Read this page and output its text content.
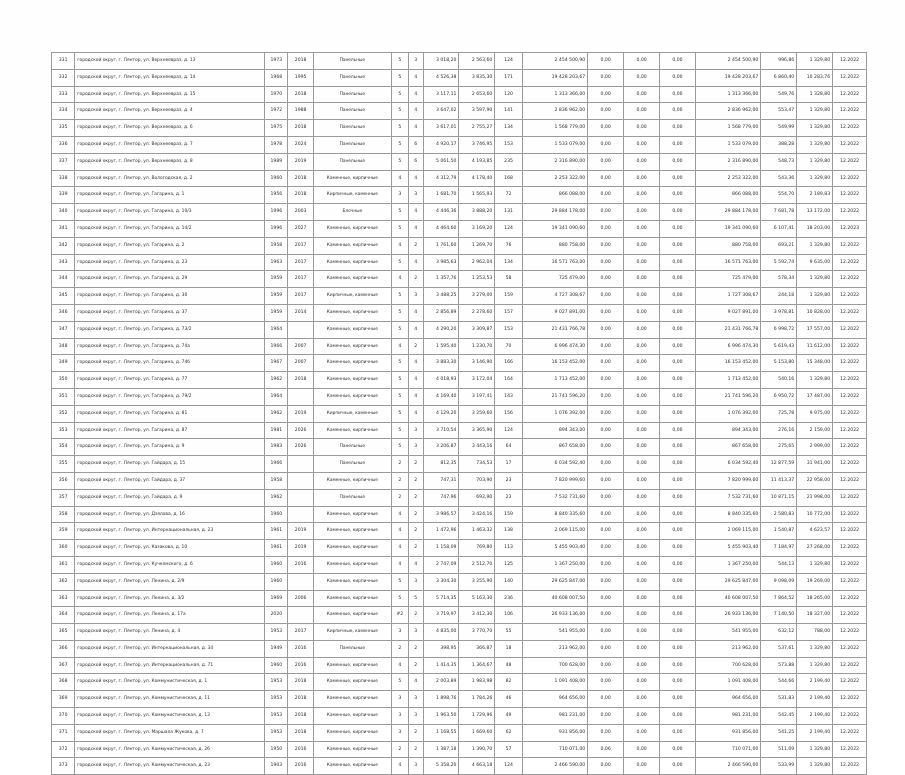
331	городской округ, г. Лянтор, ул. Верхнеевраз, д. 13	1973	2018	Панельные	5	3	3 018,20	2 563,60	124	2 454 500,90	0,00	0,00	0,00	2 454 500,90	996,86	1 329,80	12.2022
332	городской округ, г. Лянтор, ул. Верхнеевраз, д. 14	1968	1995	Панельные	5	4	4 526,38	3 835,30	171	19 428 203,67	0,00	0,00	0,00	19 428 203,67	6 860,40	10 283,76	12.2022
333	городской округ, г. Лянтор, ул. Верхнеевраз, д. 15	1970	2018	Панельные	5	4	3 117,11	2 653,60	120	1 313 366,00	0,00	0,00	0,00	1 313 366,00	549,76	1 328,80	12.2022
334	городской округ, г. Лянтор, ул. Верхнеевраз, д. 4	1972	1988	Панельные	5	4	3 647,02	3 597,90	141	2 836 962,00	0,00	0,00	0,00	2 836 962,00	553,47	1 329,80	12.2022
335	городской округ, г. Лянтор, ул. Верхнеевраз, д. 6	1975	2018	Панельные	5	4	3 617,01	2 755,27	134	1 568 779,00	0,00	0,00	0,00	1 568 779,00	549,99	1 329,80	12.2022
336	городской округ, г. Лянтор, ул. Верхнеевраз, д. 7	1978	2024	Панельные	5	6	4 920,17	3 746,95	153	1 533 079,00	0,00	0,00	0,00	1 533 079,00	388,28	1 329,80	12.2022
337	городской округ, г. Лянтор, ул. Верхнеевраз, д. 8	1989	2019	Панельные	5	6	5 061,50	4 193,85	235	2 316 890,00	0,00	0,00	0,00	2 316 890,00	548,73	1 329,80	12.2022
338	городской округ, г. Лянтор, ул. Вологодская, д. 2	1960	2018	Каменные, кирпичные	4	4	4 312,79	4 178,40	168	2 253 322,00	0,00	0,00	0,00	2 253 322,00	543,36	1 329,80	12.2022
339	городской округ, г. Лянтор, ул. Гагарина, д. 1	1956	2018	Кирпичные, каменные	3	3	1 681,70	1 565,93	72	866 088,00	0,00	0,00	0,00	866 088,00	554,70	2 189,83	12.2022
340	городской округ, г. Лянтор, ул. Гагарина, д. 10/3	1996	2003	Блочные	5	4	4 446,36	3 888,20	131	29 884 178,00	0,00	0,00	0,00	29 884 178,00	7 681,78	13 172,00	12.2022
341	городской округ, г. Лянтор, ул. Гагарина, д. 14/2	1996	2027	Каменные, кирпичные	5	4	4 464,60	3 169,20	124	19 341 090,60	0,00	0,00	0,00	19 341 090,60	6 107,41	18 203,00	12.2023
342	городской округ, г. Лянтор, ул. Гагарина, д. 2	1958	2017	Каменные, кирпичные	4	2	1 761,60	1 269,70	76	880 758,00	0,00	0,00	0,00	880 758,00	693,21	1 329,80	12.2022
343	городской округ, г. Лянтор, ул. Гагарина, д. 23	1963	2017	Каменные, кирпичные	5	4	3 985,63	2 962,04	134	16 571 763,00	0,00	0,00	0,00	16 571 763,00	5 592,74	9 635,00	12.2022
344	городской округ, г. Лянтор, ул. Гагарина, д. 29	1959	2017	Каменные, кирпичные	4	2	1 357,76	1 253,53	58	725 479,00	0,00	0,00	0,00	725 479,00	578,34	1 329,80	12.2022
345	городской округ, г. Лянтор, ул. Гагарина, д. 30	1959	2017	Кирпичные, каменные	5	3	3 488,25	3 279,00	159	4 727 308,67	0,00	0,00	0,00	1 727 308,67	244,18	1 329,80	12.2022
346	городской округ, г. Лянтор, ул. Гагарина, д. 37	1959	2014	Каменные, кирпичные	5	4	2 856,89	2 278,60	157	9 027 891,00	0,00	0,00	0,00	9 027 891,00	3 978,81	10 828,00	12.2022
347	городской округ, г. Лянтор, ул. Гагарина, д. 73/2	1964		Каменные, кирпичные	5	4	4 290,20	3 309,87	153	21 431 766,78	0,00	0,00	0,00	21 431 766,78	6 998,72	17 557,00	12.2022
348	городской округ, г. Лянтор, ул. Гагарина, д. 74а	1966	2007	Каменные, кирпичные	4	2	1 595,40	1 230,70	70	6 996 474,30	0,00	0,00	0,00	6 996 474,30	5 619,43	11 612,00	12.2022
349	городской округ, г. Лянтор, ул. Гагарина, д. 74б	1967	2007	Каменные, кирпичные	5	4	3 883,30	3 146,90	166	16 153 452,00	0,00	0,00	0,00	16 153 452,00	5 153,80	15 348,00	12.2022
350	городской округ, г. Лянтор, ул. Гагарина, д. 77	1962	2018	Каменные, кирпичные	5	4	4 018,93	3 172,04	164	1 713 452,00	0,00	0,00	0,00	1 713 452,00	540,16	1 329,80	12.2022
351	городской округ, г. Лянтор, ул. Гагарина, д. 79/2	1964		Каменные, кирпичные	5	4	4 169,40	3 197,41	143	21 741 596,20	0,00	0,00	0,00	21 741 596,20	6 950,72	17 487,00	12.2022
352	городской округ, г. Лянтор, ул. Гагарина, д. 81	1962	2019	Кирпичные, каменные	5	4	4 129,20	3 259,60	156	1 076 392,00	0,00	0,00	0,00	1 076 392,00	725,78	9 975,00	12.2022
353	городской округ, г. Лянтор, ул. Гагарина, д. 87	1981	2026	Каменные, кирпичные	5	3	3 710,54	3 365,90	124	894 343,00	0,00	0,00	0,00	894 343,00	276,16	2 159,00	12.2022
354	городской округ, г. Лянтор, ул. Гагарина, д. 9	1983	2026	Панельные	5	3	3 206,87	3 443,16	64	867 658,00	0,00	0,00	0,00	867 658,00	275,65	2 999,00	12.2022
355	городской округ, г. Лянтор, ул. Гайдара, д. 15	1966		Панельные	2	2	812,35	734,53	17	6 034 592,40	0,00	0,00	0,00	6 034 592,40	12 877,59	31 941,00	12.2022
356	городской округ, г. Лянтор, ул. Гайдара, д. 37	1958		Каменные, кирпичные	2	2	747,31	703,90	23	7 820 999,60	0,00	0,00	0,00	7 820 999,60	11 413,37	22 958,00	12.2022
357	городской округ, г. Лянтор, ул. Гайдара, д. 9	1962		Панельные	2	2	747,96	692,90	23	7 532 731,60	0,00	0,00	0,00	7 532 731,60	10 871,15	21 998,00	12.2022
358	городской округ, г. Лянтор, ул. Дзялова, д. 16	1960		Каменные, кирпичные	4	2	3 986,57	3 424,16	159	8 840 335,60	0,00	0,00	0,00	8 840 335,60	2 580,83	10 772,00	12.2022
359	городской округ, г. Лянтор, ул. Интернациональная, д. 23	1961	2019	Каменные, кирпичные	4	2	1 472,96	1 463,32	138	2 069 115,00	0,00	0,00	0,00	2 069 115,00	1 540,87	4 623,57	12.2022
360	городской округ, г. Лянтор, ул. Казакова, д. 10	1961	2019	Каменные, кирпичные	4	2	1 158,09	769,80	113	5 455 903,40	0,00	0,00	0,00	5 455 903,40	7 184,97	27 268,00	12.2022
361	городской округ, г. Лянтор, ул. Кучелмского, д. 6	1960	2016	Каменные, кирпичные	4	4	2 747,09	2 512,70	125	1 367 250,00	0,00	0,00	0,00	1 367 250,00	544,13	1 329,80	12.2022
362	городской округ, г. Лянтор, ул. Ленина, д. 2/9	1960		Каменные, кирпичные	5	3	3 304,30	3 255,90	140	29 625 847,00	0,00	0,00	0,00	29 625 847,00	9 098,09	19 269,00	12.2022
363	городской округ, г. Лянтор, ул. Ленина, д. 3/2	1969	2006	Каменные, кирпичные	5	5	5 714,35	5 163,30	236	40 608 007,50	0,00	0,00	0,00	40 608 007,50	7 864,52	18 265,00	12.2022
364	городской округ, г. Лянтор, ул. Ленина, д. 17а	2020		Каменные, кирпичные	#2	2	3 719,97	3 412,30	106	26 933 136,00	0,00	0,00	0,00	26 933 136,00	7 140,50	18 327,00	12.2022
365	городской округ, г. Лянтор, ул. Ленина, д. 4	1953	2017	Кирпичные, каменные	3	3	4 835,00	3 770,70	55	541 955,00	0,00	0,00	0,00	541 955,00	632,12	788,00	12.2022
366	городской округ, г. Лянтор, ул. Интернациональная, д. 34	1949	2016	Панельные	2	2	398,95	366,87	18	213 962,00	0,00	0,00	0,00	213 962,00	537,61	1 329,80	12.2022
367	городской округ, г. Лянтор, ул. Интернациональная, д. 71	1960	2016	Каменные, кирпичные	4	2	1 414,35	1 364,67	48	700 628,00	0,00	0,00	0,00	700 628,00	573,88	1 329,80	12.2022
368	городской округ, г. Лянтор, ул. Коммунистическая, д. 1	1953	2018	Каменные, кирпичные	5	4	2 003,89	1 983,98	82	1 091 408,00	0,00	0,00	0,00	1 091 408,00	544,66	2 199,40	12.2022
369	городской округ, г. Лянтор, ул. Коммунистическая, д. 11	1953	2018	Каменные, кирпичные	3	3	1 898,76	1 784,26	46	964 656,00	0,00	0,00	0,00	964 656,00	531,83	2 199,40	12.2022
370	городской округ, г. Лянтор, ул. Коммунистическая, д. 13	1953	2018	Каменные, кирпичные	3	3	1 963,50	1 729,96	49	981 231,00	0,00	0,00	0,00	981 231,00	542,45	2 199,40	12.2022
371	городской округ, г. Лянтор, ул. Маршала Жукова, д. 7	1953	2018	Каменные, кирпичные	3	2	1 168,55	1 669,60	62	931 856,00	0,00	0,00	0,00	931 856,00	541,25	2 199,40	12.2022
372	городской округ, г. Лянтор, ул. Коммунистическая, д. 26	1950	2016	Каменные, кирпичные	2	2	1 387,18	1 390,70	57	710 071,00	0,06	0,00	0,00	710 071,00	511,09	1 329,80	12.2022
373	городской округ, г. Лянтор, ул. Коммунистическая, д. 23	1903	2016	Каменные, кирпичные	4	3	5 358,20	4 663,18	124	2 466 590,00	0,00	0,00	0,00	2 466 590,00	533,99	1 329,80	12.2022
